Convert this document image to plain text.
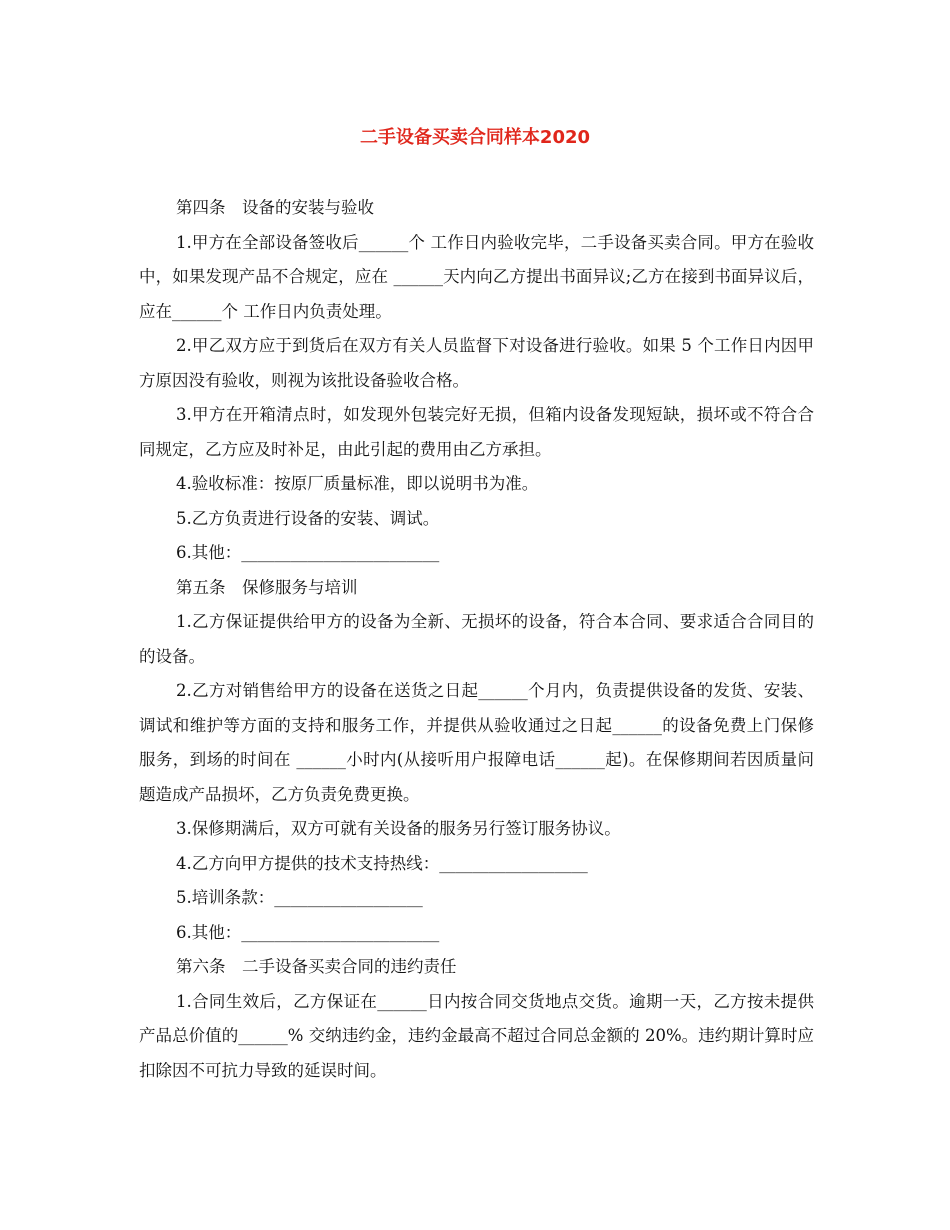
二手设备买卖合同样本2020

第四条　设备的安装与验收

1.甲方在全部设备签收后______个 工作日内验收完毕，二手设备买卖合同。甲方在验收中，如果发现产品不合规定，应在 ______天内向乙方提出书面异议;乙方在接到书面异议后，应在______个 工作日内负责处理。

2.甲乙双方应于到货后在双方有关人员监督下对设备进行验收。如果 5 个工作日内因甲方原因没有验收，则视为该批设备验收合格。

3.甲方在开箱清点时，如发现外包装完好无损，但箱内设备发现短缺，损坏或不符合合同规定，乙方应及时补足，由此引起的费用由乙方承担。

4.验收标准：按原厂质量标准，即以说明书为准。

5.乙方负责进行设备的安装、调试。

6.其他：________________________

第五条　保修服务与培训

1.乙方保证提供给甲方的设备为全新、无损坏的设备，符合本合同、要求适合合同目的的设备。

2.乙方对销售给甲方的设备在送货之日起______个月内，负责提供设备的发货、安装、调试和维护等方面的支持和服务工作，并提供从验收通过之日起______的设备免费上门保修服务，到场的时间在 ______小时内(从接听用户报障电话______起)。在保修期间若因质量问题造成产品损坏，乙方负责免费更换。

3.保修期满后，双方可就有关设备的服务另行签订服务协议。

4.乙方向甲方提供的技术支持热线：__________________

5.培训条款：__________________

6.其他：________________________

第六条　二手设备买卖合同的违约责任

1.合同生效后，乙方保证在______日内按合同交货地点交货。逾期一天，乙方按未提供产品总价值的______% 交纳违约金，违约金最高不超过合同总金额的 20%。违约期计算时应扣除因不可抗力导致的延误时间。
